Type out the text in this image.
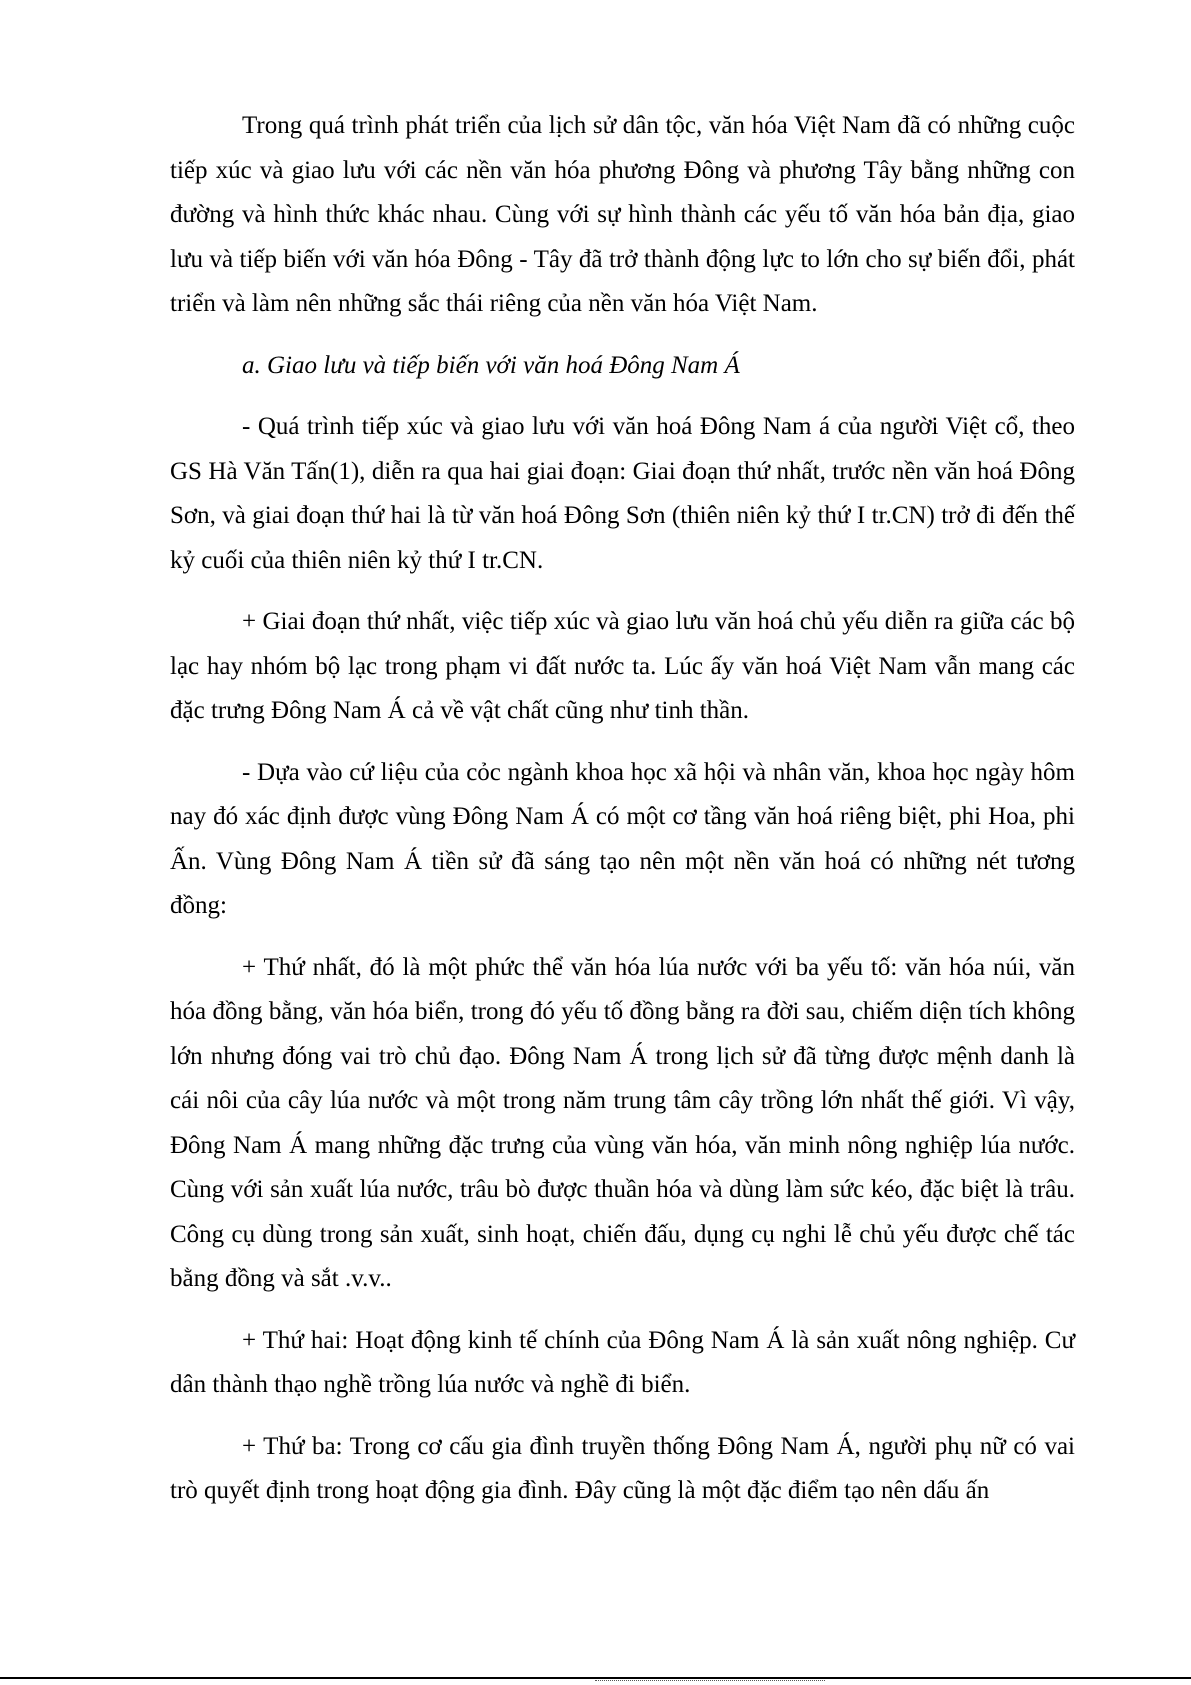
Trong quá trình phát triển của lịch sử dân tộc, văn hóa Việt Nam đã có những cuộc tiếp xúc và giao lưu với các nền văn hóa phương Đông và phương Tây bằng những con đường và hình thức khác nhau. Cùng với sự hình thành các yếu tố văn hóa bản địa, giao lưu và tiếp biến với văn hóa Đông - Tây đã trở thành động lực to lớn cho sự biến đổi, phát triển và làm nên những sắc thái riêng của nền văn hóa Việt Nam.

a. Giao lưu và tiếp biến với văn hoá Đông Nam Á

- Quá trình tiếp xúc và giao lưu với văn hoá Đông Nam á của người Việt cổ, theo GS Hà Văn Tấn(1), diễn ra qua hai giai đoạn: Giai đoạn thứ nhất, trước nền văn hoá Đông Sơn, và giai đoạn thứ hai là từ văn hoá Đông Sơn (thiên niên kỷ thứ I tr.CN) trở đi đến thế kỷ cuối của thiên niên kỷ thứ I tr.CN.

+ Giai đoạn thứ nhất, việc tiếp xúc và giao lưu văn hoá chủ yếu diễn ra giữa các bộ lạc hay nhóm bộ lạc trong phạm vi đất nước ta. Lúc ấy văn hoá Việt Nam vẫn mang các đặc trưng Đông Nam Á cả về vật chất cũng như tinh thần.

- Dựa vào cứ liệu của cỏc ngành khoa học xã hội và nhân văn, khoa học ngày hôm nay đó xác định được vùng Đông Nam Á có một cơ tầng văn hoá riêng biệt, phi Hoa, phi Ấn. Vùng Đông Nam Á tiền sử đã sáng tạo nên một nền văn hoá có những nét tương đồng:

+ Thứ nhất, đó là một phức thể văn hóa lúa nước với ba yếu tố: văn hóa núi, văn hóa đồng bằng, văn hóa biển, trong đó yếu tố đồng bằng ra đời sau, chiếm diện tích không lớn nhưng đóng vai trò chủ đạo. Đông Nam Á trong lịch sử đã từng được mệnh danh là cái nôi của cây lúa nước và một trong năm trung tâm cây trồng lớn nhất thế giới. Vì vậy, Đông Nam Á mang những đặc trưng của vùng văn hóa, văn minh nông nghiệp lúa nước. Cùng với sản xuất lúa nước, trâu bò được thuần hóa và dùng làm sức kéo, đặc biệt là trâu. Công cụ dùng trong sản xuất, sinh hoạt, chiến đấu, dụng cụ nghi lễ chủ yếu được chế tác bằng đồng và sắt .v.v..

+ Thứ hai: Hoạt động kinh tế chính của Đông Nam Á là sản xuất nông nghiệp. Cư dân thành thạo nghề trồng lúa nước và nghề đi biển.

+ Thứ ba: Trong cơ cấu gia đình truyền thống Đông Nam Á, người phụ nữ có vai trò quyết định trong hoạt động gia đình. Đây cũng là một đặc điểm tạo nên dấu ấn
